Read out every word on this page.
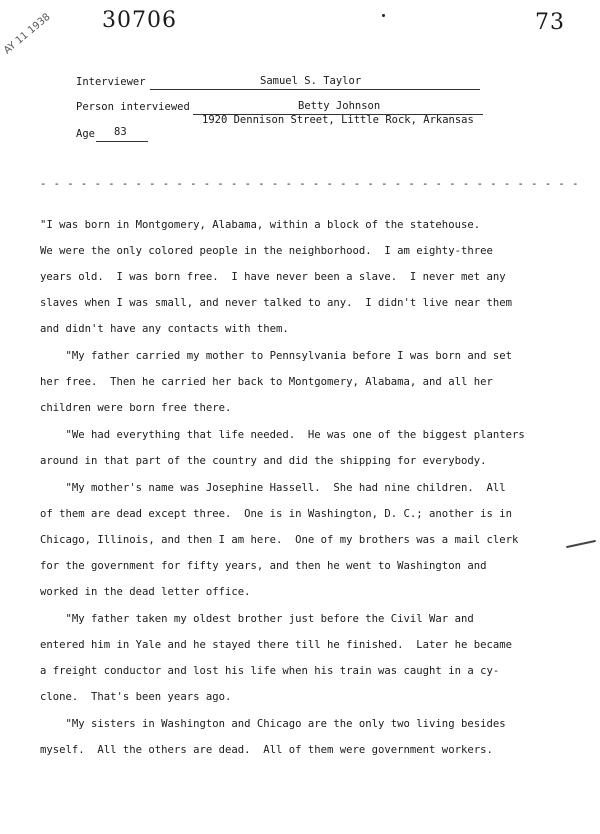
30706	73
AY 11 1938
Interviewer	Samuel S. Taylor
Person interviewed	Betty Johnson
1920 Dennison Street, Little Rock, Arkansas
Age 83
- - - - - - - - - - - - - - - - - - - - - - - - - - - - - - - - - - - - - - - -
"I was born in Montgomery, Alabama, within a block of the statehouse.
We were the only colored people in the neighborhood.  I am eighty-three
years old.  I was born free.  I have never been a slave.  I never met any
slaves when I was small, and never talked to any.  I didn't live near them
and didn't have any contacts with them.
"My father carried my mother to Pennsylvania before I was born and set
her free.  Then he carried her back to Montgomery, Alabama, and all her
children were born free there.
"We had everything that life needed.  He was one of the biggest planters
around in that part of the country and did the shipping for everybody.
"My mother's name was Josephine Hassell.  She had nine children.  All
of them are dead except three.  One is in Washington, D. C.; another is in
Chicago, Illinois, and then I am here.  One of my brothers was a mail clerk
for the government for fifty years, and then he went to Washington and
worked in the dead letter office.
"My father taken my oldest brother just before the Civil War and
entered him in Yale and he stayed there till he finished.  Later he became
a freight conductor and lost his life when his train was caught in a cy-
clone.  That's been years ago.
"My sisters in Washington and Chicago are the only two living besides
myself.  All the others are dead.  All of them were government workers.
